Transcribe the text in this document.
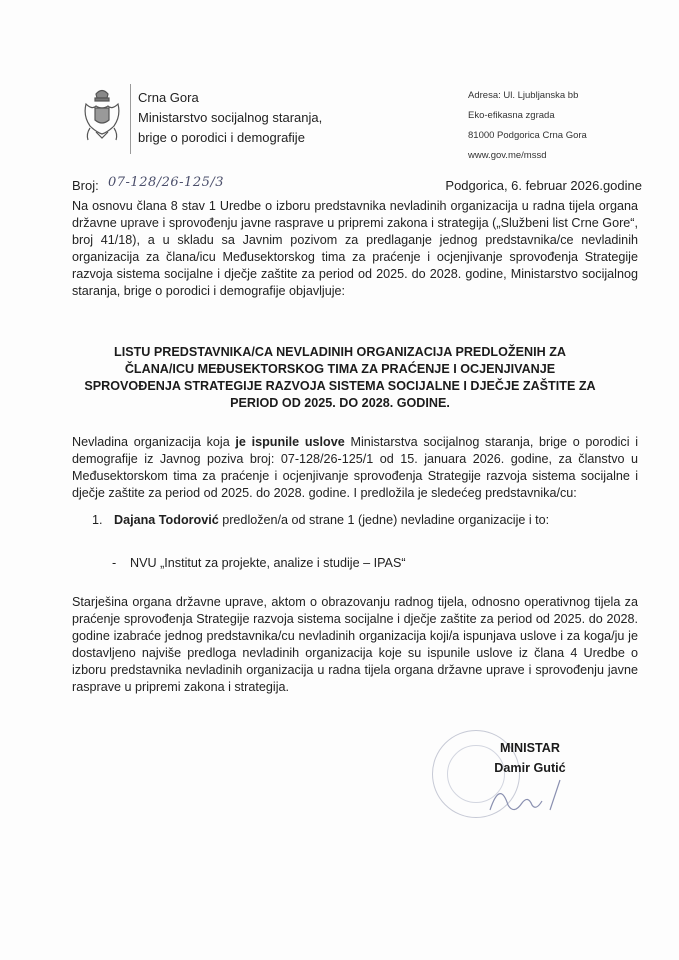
Crna Gora
Ministarstvo socijalnog staranja,
brige o porodici i demografije
Adresa: Ul. Ljubljanska bb
Eko-efikasna zgrada
81000 Podgorica Crna Gora
www.gov.me/mssd
Broj: 07-128/26-125/3	Podgorica, 6. februar 2026.godine
Na osnovu člana 8 stav 1 Uredbe o izboru predstavnika nevladinih organizacija u radna tijela organa državne uprave i sprovođenju javne rasprave u pripremi zakona i strategija („Službeni list Crne Gore“, broj 41/18), a u skladu sa Javnim pozivom za predlaganje jednog predstavnika/ce nevladinih organizacija za člana/icu Međusektorskog tima za praćenje i ocjenjivanje sprovođenja Strategije razvoja sistema socijalne i dječje zaštite za period od 2025. do 2028. godine, Ministarstvo socijalnog staranja, brige o porodici i demografije objavljuje:
LISTU PREDSTAVNIKA/CA NEVLADINIH ORGANIZACIJA PREDLOŽENIH ZA ČLANA/ICU MEĐUSEKTORSKOG TIMA ZA PRAĆENJE I OCJENJIVANJE SPROVOĐENJA STRATEGIJE RAZVOJA SISTEMA SOCIJALNE I DJEČJE ZAŠTITE ZA PERIOD OD 2025. DO 2028. GODINE.
Nevladina organizacija koja je ispunile uslove Ministarstva socijalnog staranja, brige o porodici i demografije iz Javnog poziva broj: 07-128/26-125/1 od 15. januara 2026. godine, za članstvo u Međusektorskom tima za praćenje i ocjenjivanje sprovođenja Strategije razvoja sistema socijalne i dječje zaštite za period od 2025. do 2028. godine. I predložila je sledećeg predstavnika/cu:
1. Dajana Todorović predložen/a od strane 1 (jedne) nevladine organizacije i to:
- NVU „Institut za projekte, analize i studije – IPAS“
Starješina organa državne uprave, aktom o obrazovanju radnog tijela, odnosno operativnog tijela za praćenje sprovođenja Strategije razvoja sistema socijalne i dječje zaštite za period od 2025. do 2028. godine izabraće jednog predstavnika/cu nevladinih organizacija koji/a ispunjava uslove i za koga/ju je dostavljeno najviše predloga nevladinih organizacija koje su ispunile uslove iz člana 4 Uredbe o izboru predstavnika nevladinih organizacija u radna tijela organa državne uprave i sprovođenju javne rasprave u pripremi zakona i strategija.
MINISTAR
Damir Gutić
